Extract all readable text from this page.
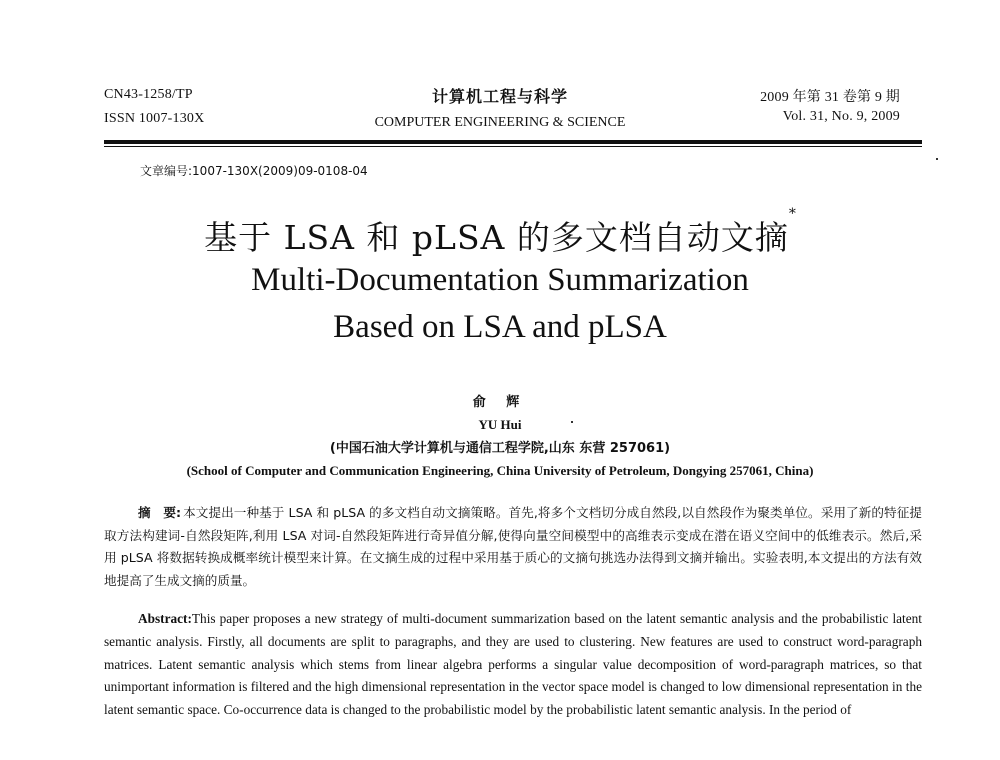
CN43-1258/TP
ISSN 1007-130X
计算机工程与科学
COMPUTER ENGINEERING & SCIENCE
2009 年第 31 卷第 9 期
Vol. 31, No. 9, 2009
文章编号:1007-130X(2009)09-0108-04
基于 LSA 和 pLSA 的多文档自动文摘*
Multi-Documentation Summarization
Based on LSA and pLSA
俞 辉
YU Hui
(中国石油大学计算机与通信工程学院,山东 东营 257061)
(School of Computer and Communication Engineering, China University of Petroleum, Dongying 257061, China)

摘　要: 本文提出一种基于 LSA 和 pLSA 的多文档自动文摘策略。首先,将多个文档切分成自然段,以自然段作为聚类单位。采用了新的特征提取方法构建词-自然段矩阵,利用 LSA 对词-自然段矩阵进行奇异值分解,使得向量空间模型中的高维表示变成在潜在语义空间中的低维表示。然后,采用 pLSA 将数据转换成概率统计模型来计算。在文摘生成的过程中采用基于质心的文摘句挑选办法得到文摘并输出。实验表明,本文提出的方法有效地提高了生成文摘的质量。

Abstract:This paper proposes a new strategy of multi-document summarization based on the latent semantic analysis and the probabilistic latent semantic analysis. Firstly, all documents are split to paragraphs, and they are used to clustering. New features are used to construct word-paragraph matrices. Latent semantic analysis which stems from linear algebra performs a singular value decomposition of word-paragraph matrices, so that unimportant information is filtered and the high dimensional representation in the vector space model is changed to low dimensional representation in the latent semantic space. Co-occurrence data is changed to the probabilistic model by the probabilistic latent semantic analysis. In the period of
